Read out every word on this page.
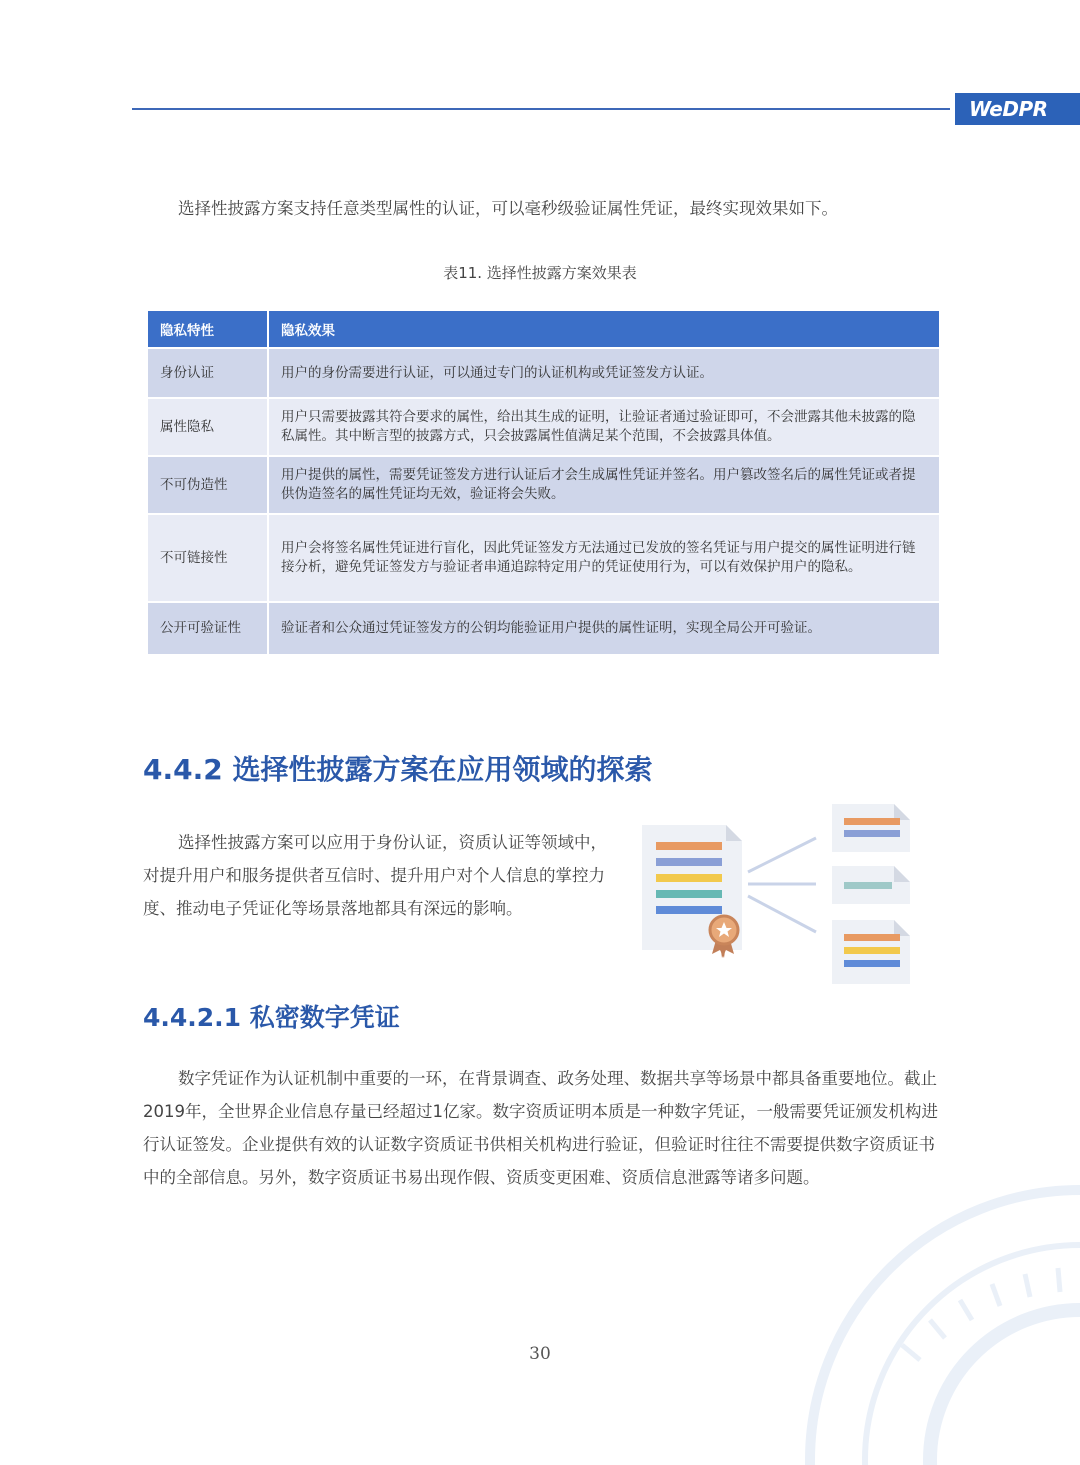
WeDPR
选择性披露方案支持任意类型属性的认证，可以毫秒级验证属性凭证，最终实现效果如下。
表11. 选择性披露方案效果表
隐私特性	隐私效果
身份认证	用户的身份需要进行认证，可以通过专门的认证机构或凭证签发方认证。
属性隐私	用户只需要披露其符合要求的属性，给出其生成的证明，让验证者通过验证即可，不会泄露其他未披露的隐私属性。其中断言型的披露方式，只会披露属性值满足某个范围，不会披露具体值。
不可伪造性	用户提供的属性，需要凭证签发方进行认证后才会生成属性凭证并签名。用户篡改签名后的属性凭证或者提供伪造签名的属性凭证均无效，验证将会失败。
不可链接性	用户会将签名属性凭证进行盲化，因此凭证签发方无法通过已发放的签名凭证与用户提交的属性证明进行链接分析，避免凭证签发方与验证者串通追踪特定用户的凭证使用行为，可以有效保护用户的隐私。
公开可验证性	验证者和公众通过凭证签发方的公钥均能验证用户提供的属性证明，实现全局公开可验证。
4.4.2 选择性披露方案在应用领域的探索
选择性披露方案可以应用于身份认证，资质认证等领域中，对提升用户和服务提供者互信时、提升用户对个人信息的掌控力度、推动电子凭证化等场景落地都具有深远的影响。
4.4.2.1 私密数字凭证
数字凭证作为认证机制中重要的一环，在背景调查、政务处理、数据共享等场景中都具备重要地位。截止2019年，全世界企业信息存量已经超过1亿家。数字资质证明本质是一种数字凭证，一般需要凭证颁发机构进行认证签发。企业提供有效的认证数字资质证书供相关机构进行验证，但验证时往往不需要提供数字资质证书中的全部信息。另外，数字资质证书易出现作假、资质变更困难、资质信息泄露等诸多问题。
30
